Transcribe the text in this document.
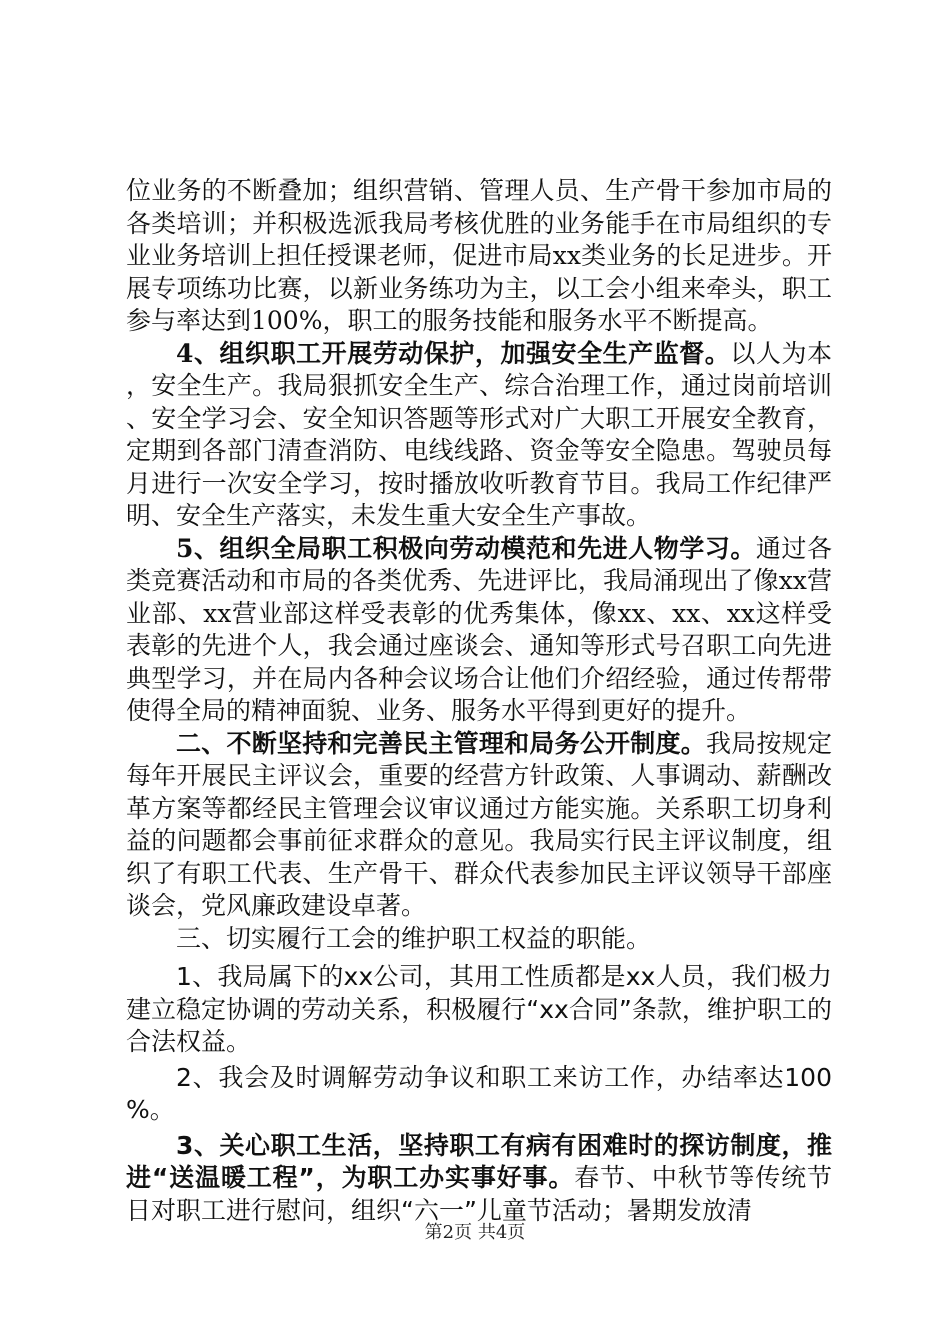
位业务的不断叠加；组织营销、管理人员、生产骨干参加市局的各类培训；并积极选派我局考核优胜的业务能手在市局组织的专业业务培训上担任授课老师，促进市局xx类业务的长足进步。开展专项练功比赛，以新业务练功为主，以工会小组来牵头，职工参与率达到100%，职工的服务技能和服务水平不断提高。

4、组织职工开展劳动保护，加强安全生产监督。以人为本，安全生产。我局狠抓安全生产、综合治理工作，通过岗前培训、安全学习会、安全知识答题等形式对广大职工开展安全教育，定期到各部门清查消防、电线线路、资金等安全隐患。驾驶员每月进行一次安全学习，按时播放收听教育节目。我局工作纪律严明、安全生产落实，未发生重大安全生产事故。

5、组织全局职工积极向劳动模范和先进人物学习。通过各类竞赛活动和市局的各类优秀、先进评比，我局涌现出了像xx营业部、xx营业部这样受表彰的优秀集体，像xx、xx、xx这样受表彰的先进个人，我会通过座谈会、通知等形式号召职工向先进典型学习，并在局内各种会议场合让他们介绍经验，通过传帮带使得全局的精神面貌、业务、服务水平得到更好的提升。

二、不断坚持和完善民主管理和局务公开制度。我局按规定每年开展民主评议会，重要的经营方针政策、人事调动、薪酬改革方案等都经民主管理会议审议通过方能实施。关系职工切身利益的问题都会事前征求群众的意见。我局实行民主评议制度，组织了有职工代表、生产骨干、群众代表参加民主评议领导干部座谈会，党风廉政建设卓著。

三、切实履行工会的维护职工权益的职能。

1、我局属下的xx公司，其用工性质都是xx人员，我们极力建立稳定协调的劳动关系，积极履行“xx合同”条款，维护职工的合法权益。

2、我会及时调解劳动争议和职工来访工作，办结率达100%。

3、关心职工生活，坚持职工有病有困难时的探访制度，推进“送温暖工程”，为职工办实事好事。春节、中秋节等传统节日对职工进行慰问，组织“六一”儿童节活动；暑期发放清

第2页 共4页
